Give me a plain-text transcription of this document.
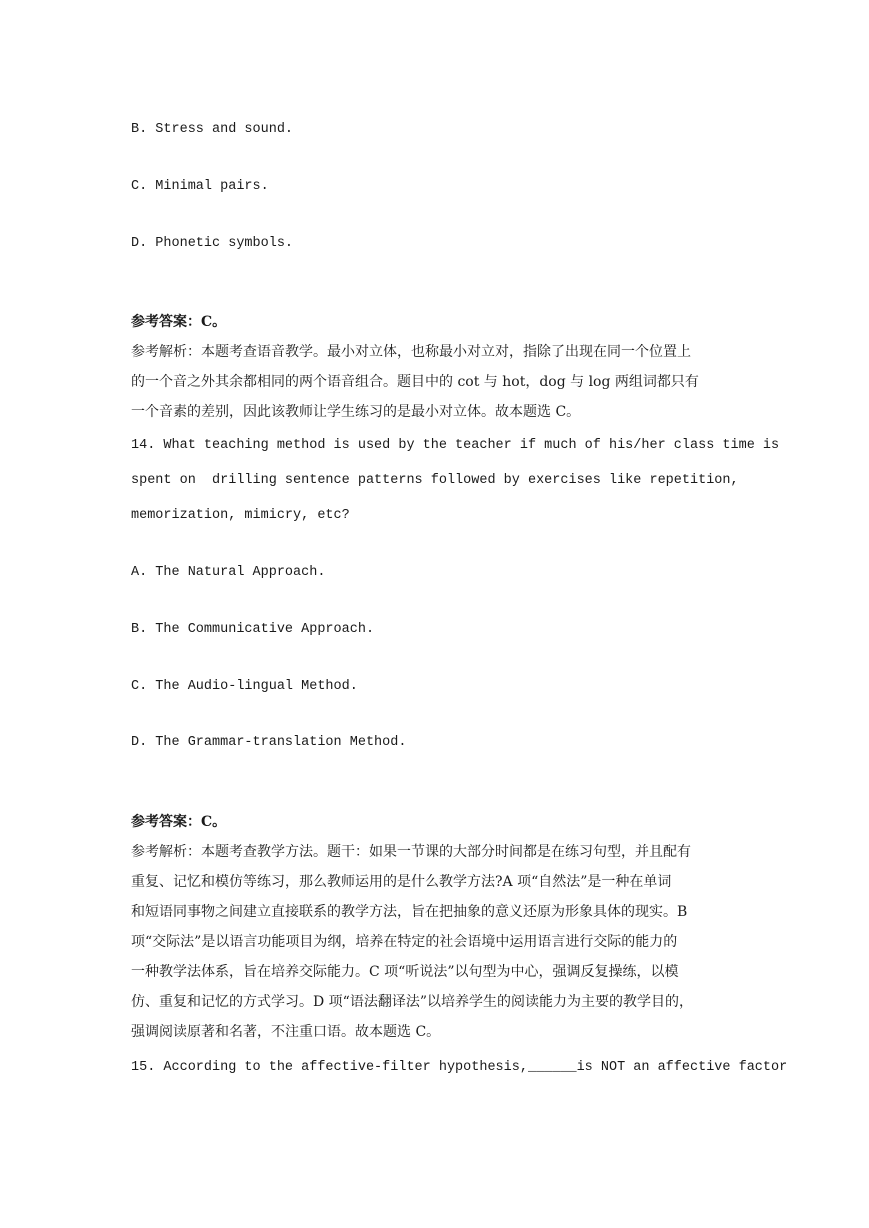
B. Stress and sound.
C. Minimal pairs.
D. Phonetic symbols.
参考答案：C。
参考解析：本题考查语音教学。最小对立体，也称最小对立对，指除了出现在同一个位置上
的一个音之外其余都相同的两个语音组合。题目中的 cot 与 hot，dog 与 log 两组词都只有
一个音素的差别，因此该教师让学生练习的是最小对立体。故本题选 C。
14. What teaching method is used by the teacher if much of his/her class time is
spent on  drilling sentence patterns followed by exercises like repetition,
memorization, mimicry, etc?
A. The Natural Approach.
B. The Communicative Approach.
C. The Audio-lingual Method.
D. The Grammar-translation Method.
参考答案：C。
参考解析：本题考查教学方法。题干：如果一节课的大部分时间都是在练习句型，并且配有
重复、记忆和模仿等练习，那么教师运用的是什么教学方法?A 项“自然法”是一种在单词
和短语同事物之间建立直接联系的教学方法，旨在把抽象的意义还原为形象具体的现实。B
项“交际法”是以语言功能项目为纲，培养在特定的社会语境中运用语言进行交际的能力的
一种教学法体系，旨在培养交际能力。C 项“听说法”以句型为中心，强调反复操练，以模
仿、重复和记忆的方式学习。D 项“语法翻译法”以培养学生的阅读能力为主要的教学目的，
强调阅读原著和名著，不注重口语。故本题选 C。
15. According to the affective-filter hypothesis,______is NOT an affective factor
